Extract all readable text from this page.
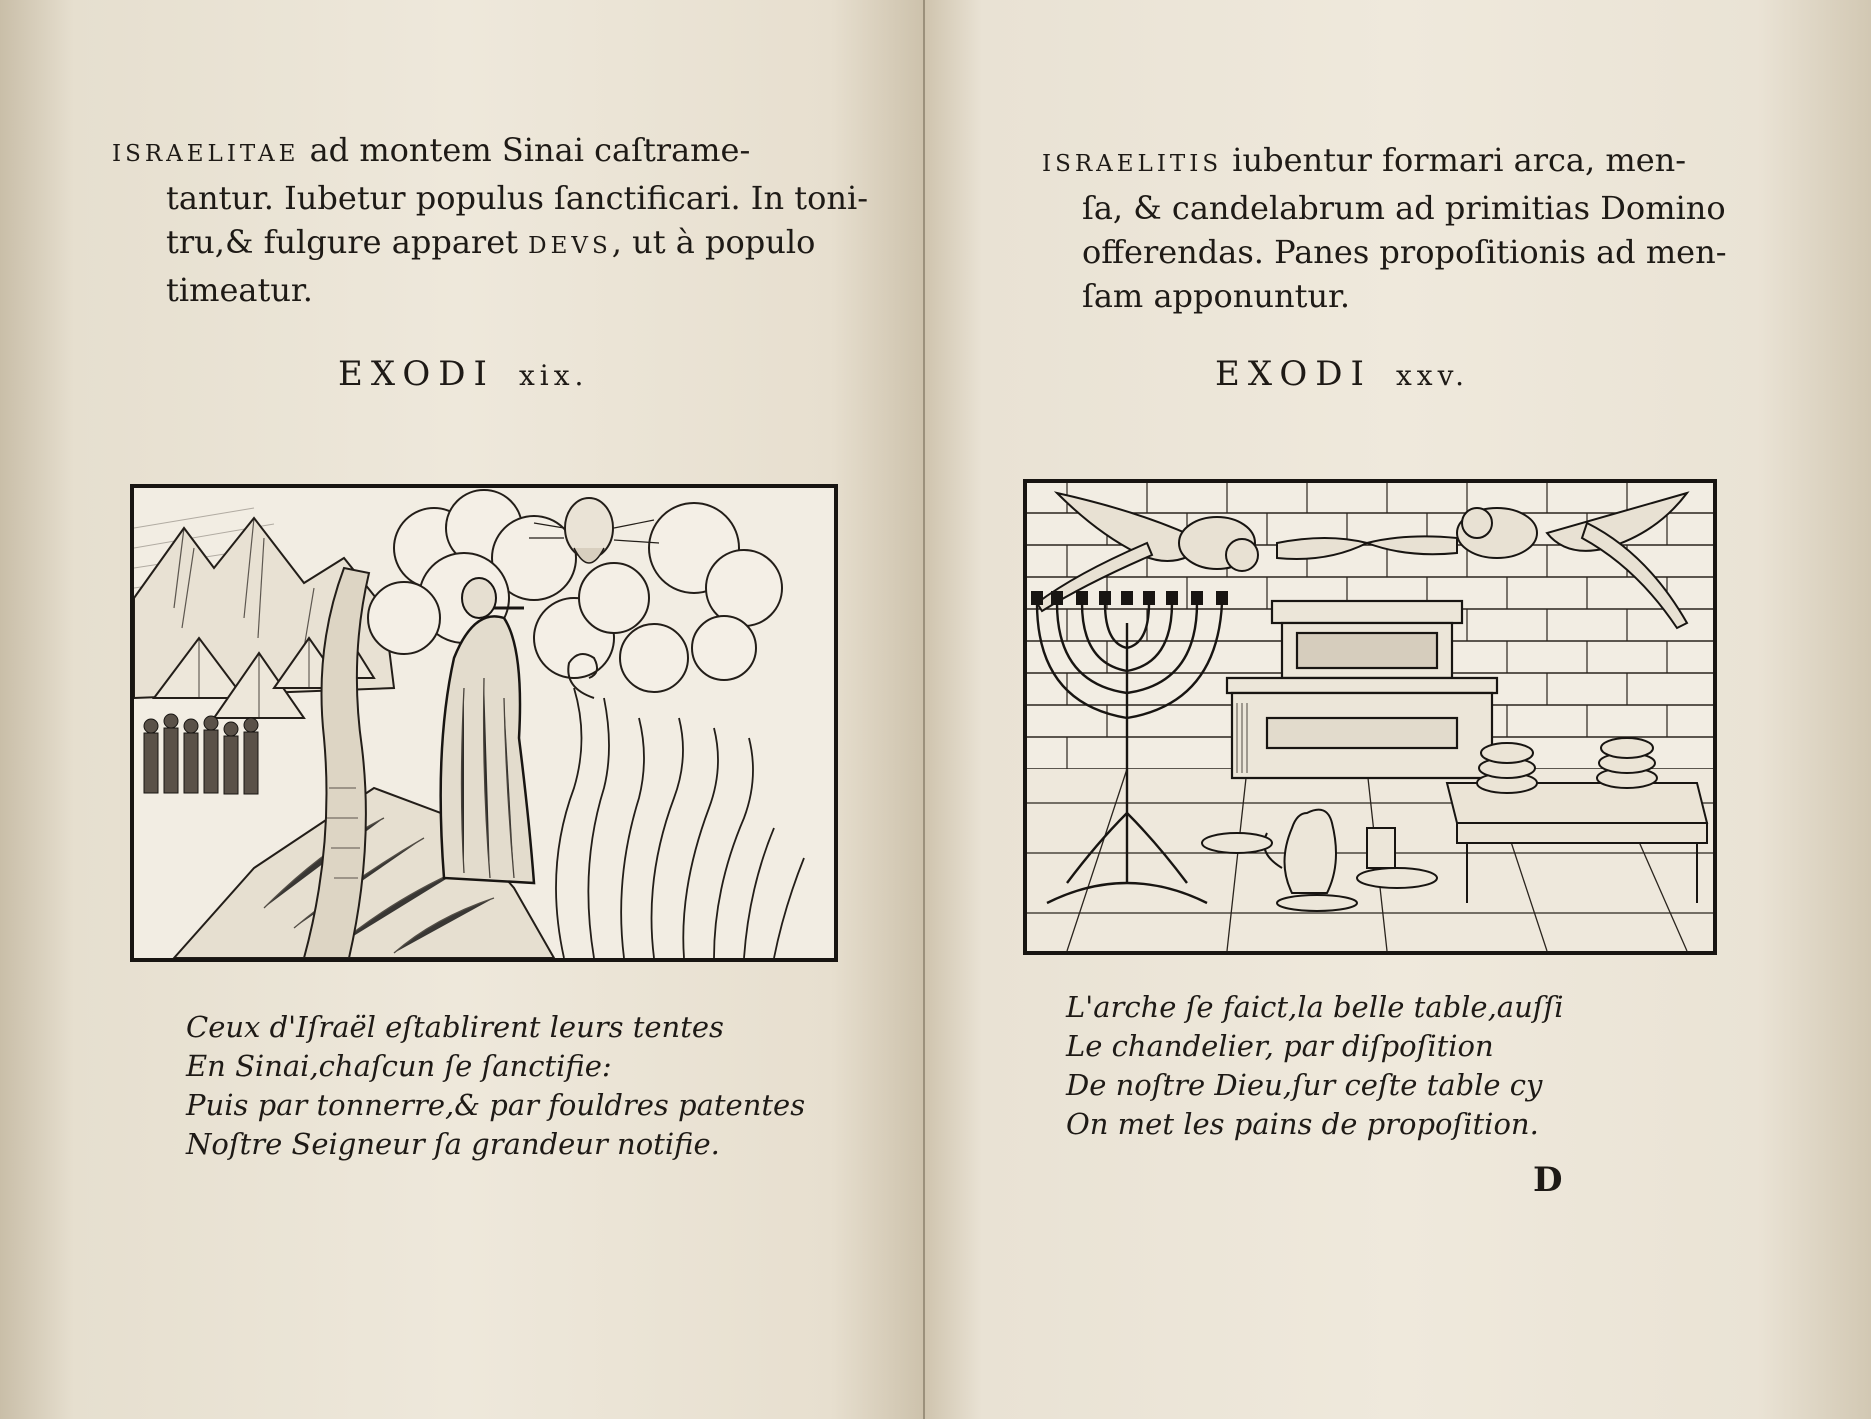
ISRAELITAE ad montem Sinai caſtrame-
tantur. Iubetur populus ſanctificari. In toni-
tru,& fulgure apparet DEVS, ut à populo
timeatur.
EXODI xix.
Ceux d'Iſraël eſtablirent leurs tentes
En Sinai,chaſcun ſe ſanctifie:
Puis par tonnerre,& par fouldres patentes
Noſtre Seigneur ſa grandeur notifie.
ISRAELITIS iubentur formari arca, men-
ſa, & candelabrum ad primitias Domino
offerendas. Panes propoſitionis ad men-
ſam apponuntur.
EXODI xxv.
L'arche ſe faict,la belle table,auſſi
Le chandelier, par diſpoſition
De noſtre Dieu,ſur ceſte table cy
On met les pains de propoſition.
D
